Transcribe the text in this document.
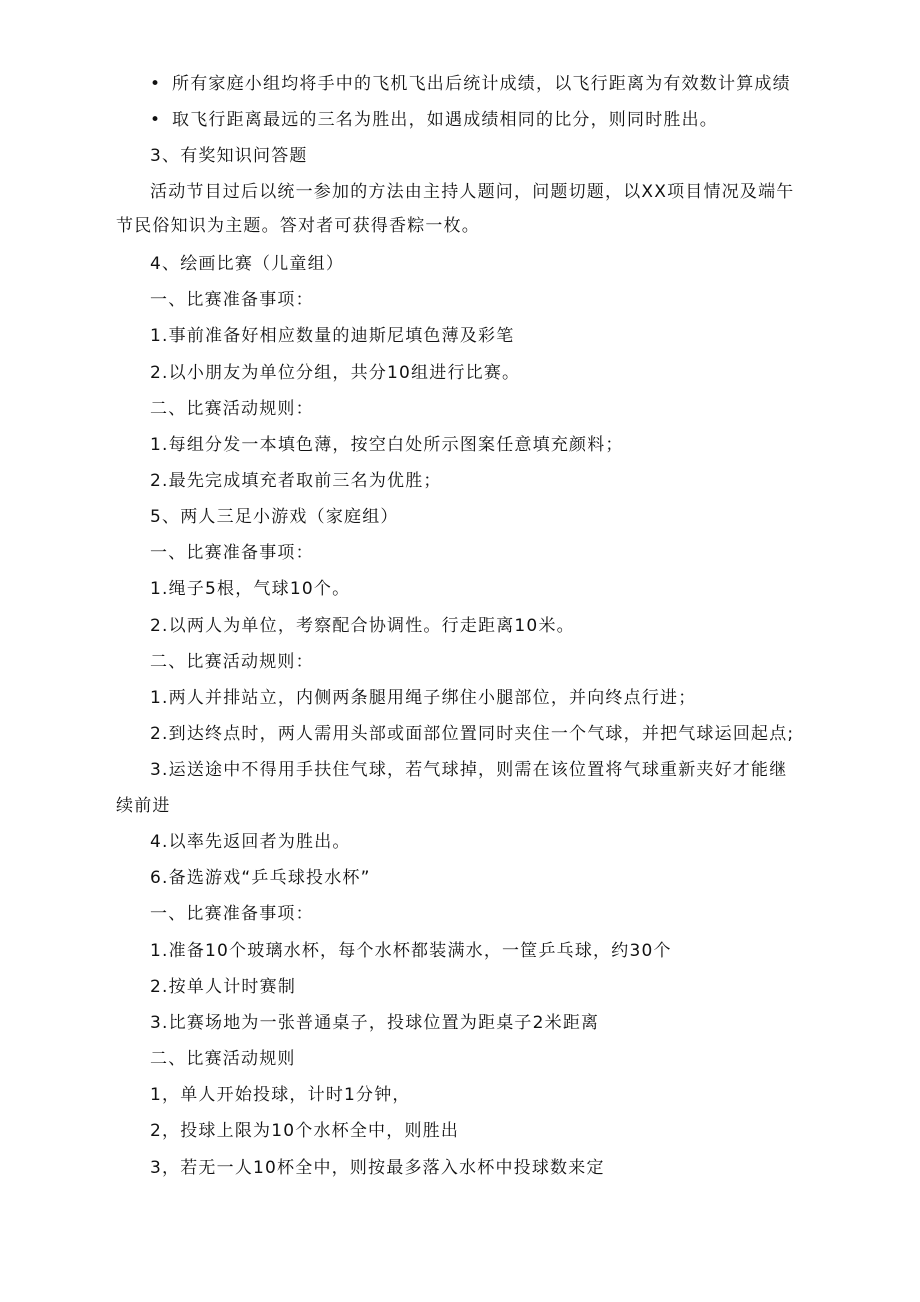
• 所有家庭小组均将手中的飞机飞出后统计成绩，以飞行距离为有效数计算成绩
• 取飞行距离最远的三名为胜出，如遇成绩相同的比分，则同时胜出。
3、有奖知识问答题
活动节目过后以统一参加的方法由主持人题问，问题切题，以XX项目情况及端午
节民俗知识为主题。答对者可获得香粽一枚。
4、绘画比赛（儿童组）
一、比赛准备事项：
1.事前准备好相应数量的迪斯尼填色薄及彩笔
2.以小朋友为单位分组，共分10组进行比赛。
二、比赛活动规则：
1.每组分发一本填色薄，按空白处所示图案任意填充颜料；
2.最先完成填充者取前三名为优胜；
5、两人三足小游戏（家庭组）
一、比赛准备事项：
1.绳子5根，气球10个。
2.以两人为单位，考察配合协调性。行走距离10米。
二、比赛活动规则：
1.两人并排站立，内侧两条腿用绳子绑住小腿部位，并向终点行进；
2.到达终点时，两人需用头部或面部位置同时夹住一个气球，并把气球运回起点;
3.运送途中不得用手扶住气球，若气球掉，则需在该位置将气球重新夹好才能继
续前进
4.以率先返回者为胜出。
6.备选游戏“乒乓球投水杯”
一、比赛准备事项：
1.准备10个玻璃水杯，每个水杯都装满水，一筐乒乓球，约30个
2.按单人计时赛制
3.比赛场地为一张普通桌子，投球位置为距桌子2米距离
二、比赛活动规则
1，单人开始投球，计时1分钟，
2，投球上限为10个水杯全中，则胜出
3，若无一人10杯全中，则按最多落入水杯中投球数来定
